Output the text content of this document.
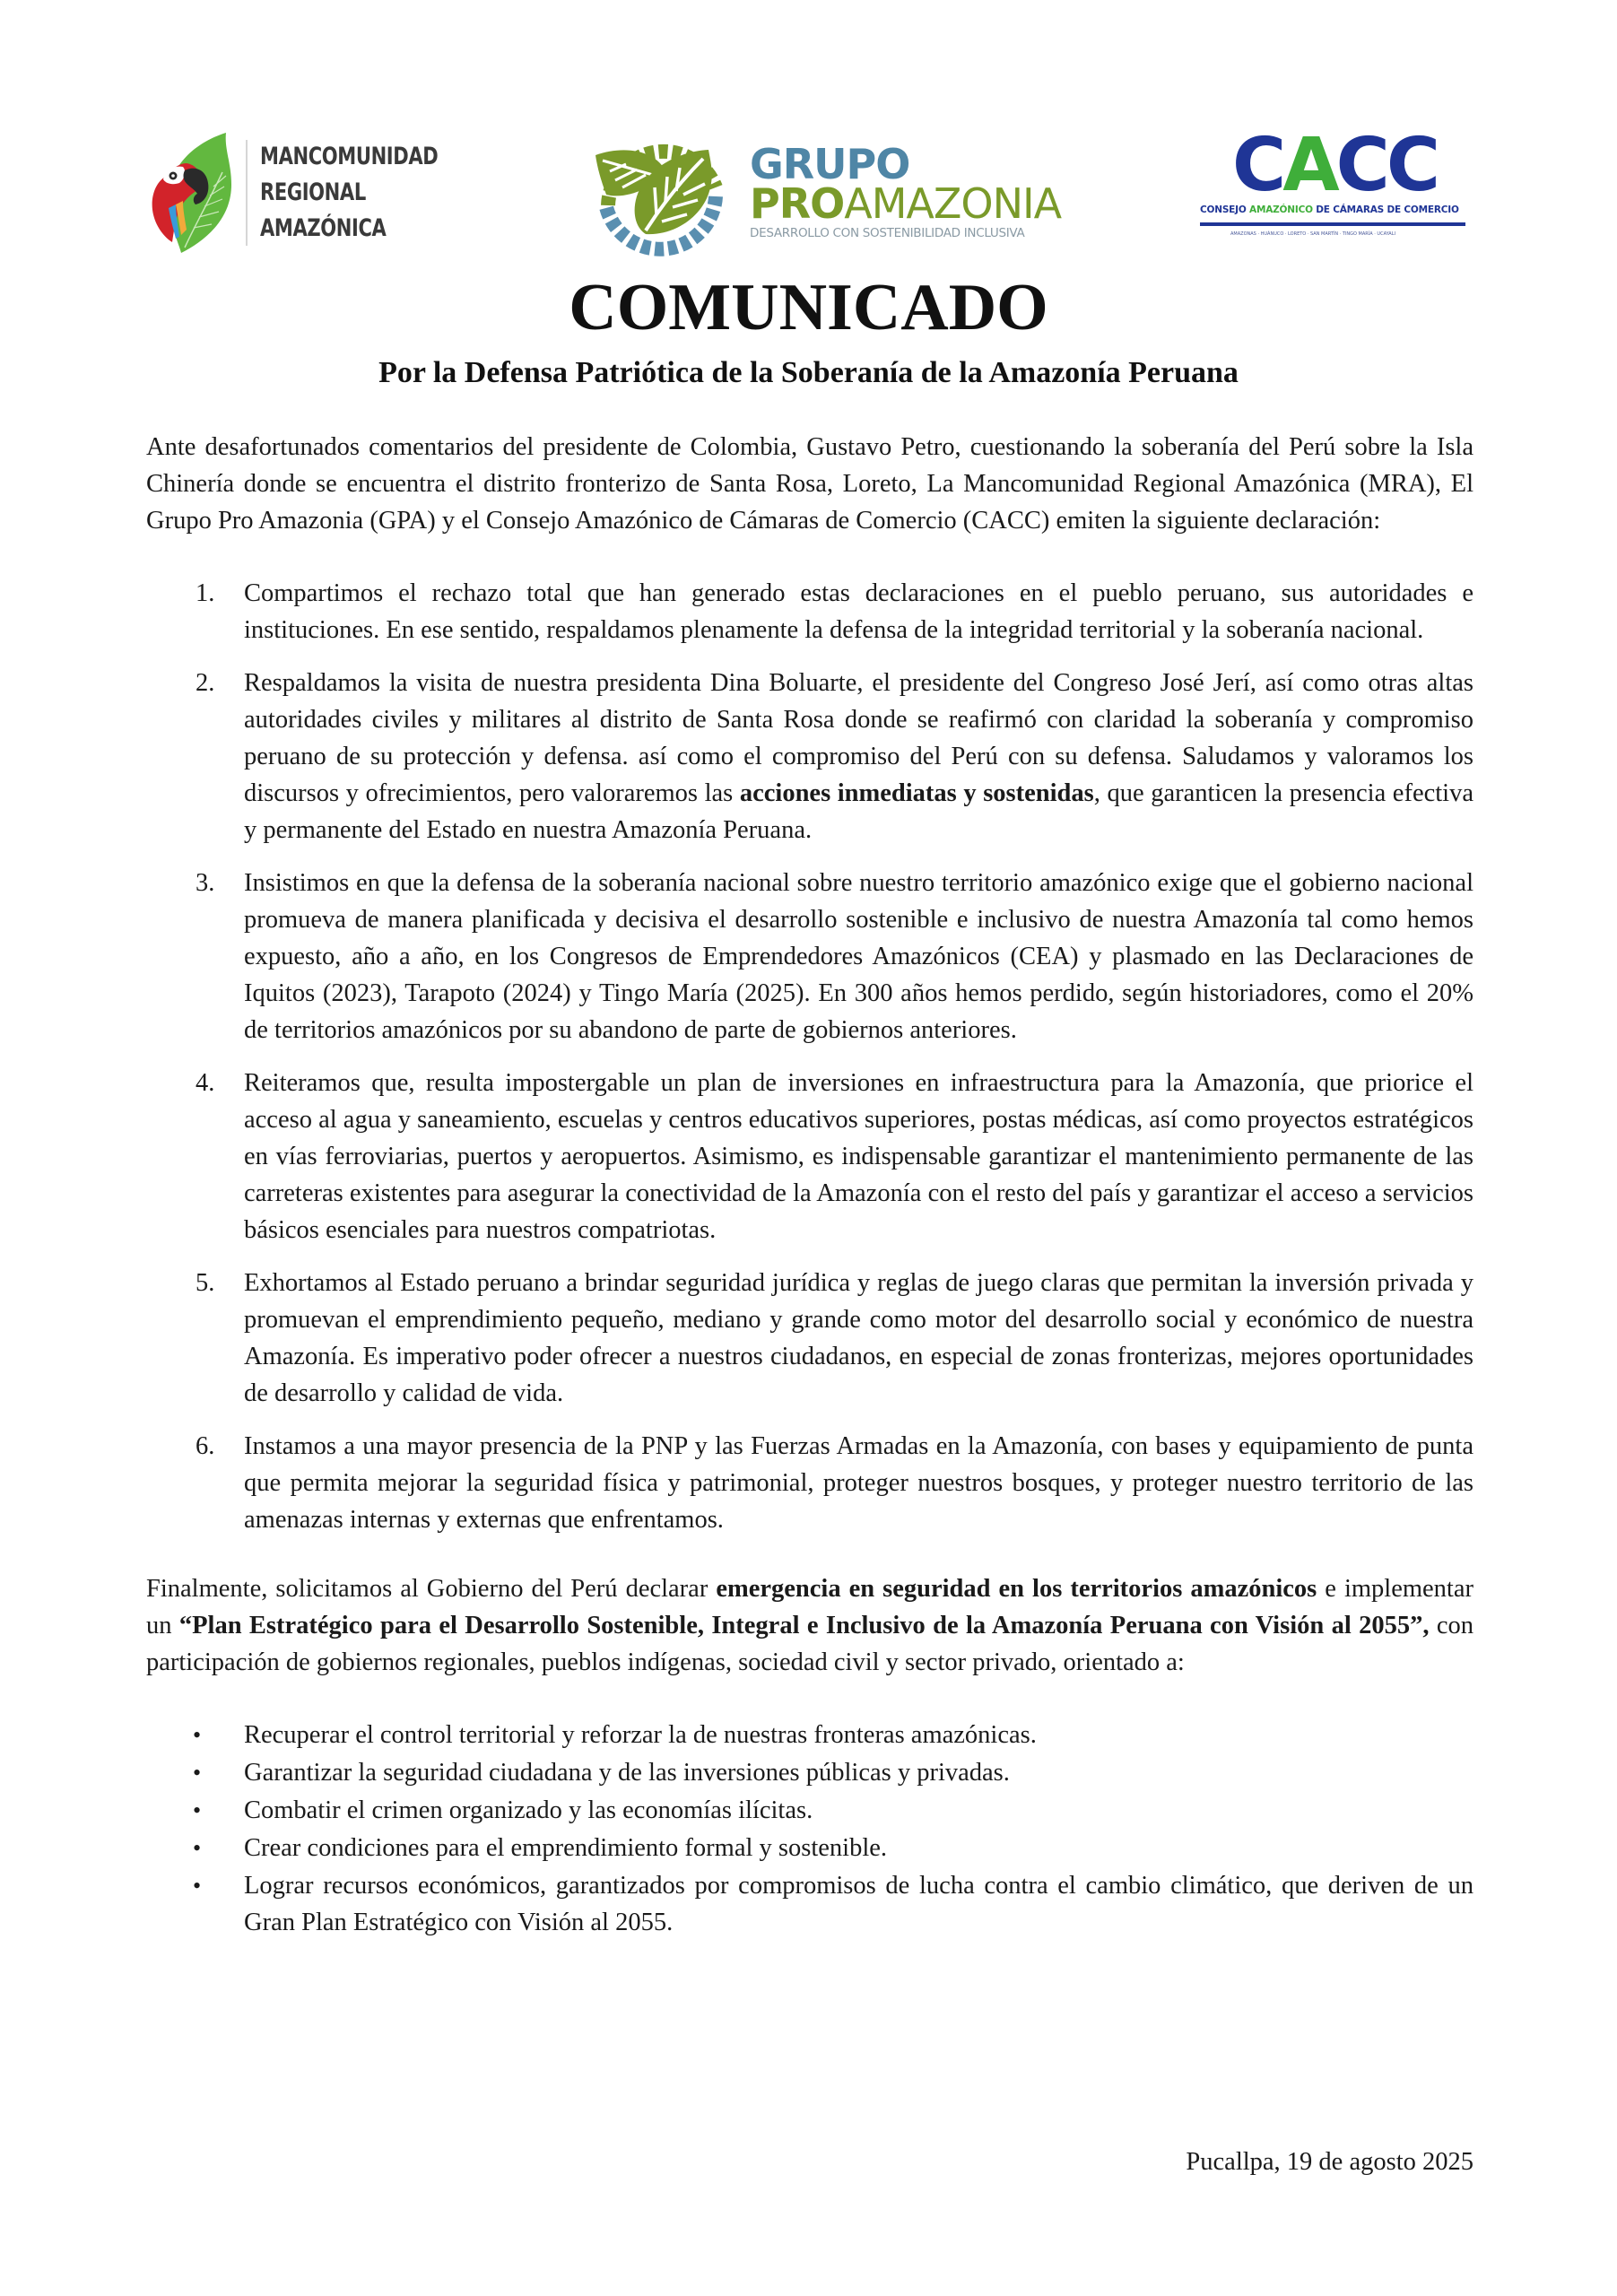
MANCOMUNIDAD
REGIONAL
AMAZÓNICA
GRUPO
PROAMAZONIA
DESARROLLO CON SOSTENIBILIDAD INCLUSIVA
CACC
CONSEJO AMAZÓNICO DE CÁMARAS DE COMERCIO
AMAZONAS · HUÁNUCO · LORETO · SAN MARTÍN · TINGO MARÍA · UCAYALI
COMUNICADO
Por la Defensa Patriótica de la Soberanía de la Amazonía Peruana

Ante desafortunados comentarios del presidente de Colombia, Gustavo Petro, cuestionando la soberanía del Perú sobre la Isla Chinería donde se encuentra el distrito fronterizo de Santa Rosa, Loreto, La Mancomunidad Regional Amazónica (MRA), El Grupo Pro Amazonia (GPA) y el Consejo Amazónico de Cámaras de Comercio (CACC) emiten la siguiente declaración:

1. Compartimos el rechazo total que han generado estas declaraciones en el pueblo peruano, sus autoridades e instituciones. En ese sentido, respaldamos plenamente la defensa de la integridad territorial y la soberanía nacional.
2. Respaldamos la visita de nuestra presidenta Dina Boluarte, el presidente del Congreso José Jerí, así como otras altas autoridades civiles y militares al distrito de Santa Rosa donde se reafirmó con claridad la soberanía y compromiso peruano de su protección y defensa. así como el compromiso del Perú con su defensa. Saludamos y valoramos los discursos y ofrecimientos, pero valoraremos las acciones inmediatas y sostenidas, que garanticen la presencia efectiva y permanente del Estado en nuestra Amazonía Peruana.
3. Insistimos en que la defensa de la soberanía nacional sobre nuestro territorio amazónico exige que el gobierno nacional promueva de manera planificada y decisiva el desarrollo sostenible e inclusivo de nuestra Amazonía tal como hemos expuesto, año a año, en los Congresos de Emprendedores Amazónicos (CEA) y plasmado en las Declaraciones de Iquitos (2023), Tarapoto (2024) y Tingo María (2025). En 300 años hemos perdido, según historiadores, como el 20% de territorios amazónicos por su abandono de parte de gobiernos anteriores.
4. Reiteramos que, resulta impostergable un plan de inversiones en infraestructura para la Amazonía, que priorice el acceso al agua y saneamiento, escuelas y centros educativos superiores, postas médicas, así como proyectos estratégicos en vías ferroviarias, puertos y aeropuertos. Asimismo, es indispensable garantizar el mantenimiento permanente de las carreteras existentes para asegurar la conectividad de la Amazonía con el resto del país y garantizar el acceso a servicios básicos esenciales para nuestros compatriotas.
5. Exhortamos al Estado peruano a brindar seguridad jurídica y reglas de juego claras que permitan la inversión privada y promuevan el emprendimiento pequeño, mediano y grande como motor del desarrollo social y económico de nuestra Amazonía. Es imperativo poder ofrecer a nuestros ciudadanos, en especial de zonas fronterizas, mejores oportunidades de desarrollo y calidad de vida.
6. Instamos a una mayor presencia de la PNP y las Fuerzas Armadas en la Amazonía, con bases y equipamiento de punta que permita mejorar la seguridad física y patrimonial, proteger nuestros bosques, y proteger nuestro territorio de las amenazas internas y externas que enfrentamos.

Finalmente, solicitamos al Gobierno del Perú declarar emergencia en seguridad en los territorios amazónicos e implementar un “Plan Estratégico para el Desarrollo Sostenible, Integral e Inclusivo de la Amazonía Peruana con Visión al 2055”, con participación de gobiernos regionales, pueblos indígenas, sociedad civil y sector privado, orientado a:

• Recuperar el control territorial y reforzar la de nuestras fronteras amazónicas.
• Garantizar la seguridad ciudadana y de las inversiones públicas y privadas.
• Combatir el crimen organizado y las economías ilícitas.
• Crear condiciones para el emprendimiento formal y sostenible.
• Lograr recursos económicos, garantizados por compromisos de lucha contra el cambio climático, que deriven de un Gran Plan Estratégico con Visión al 2055.
Pucallpa, 19 de agosto 2025
